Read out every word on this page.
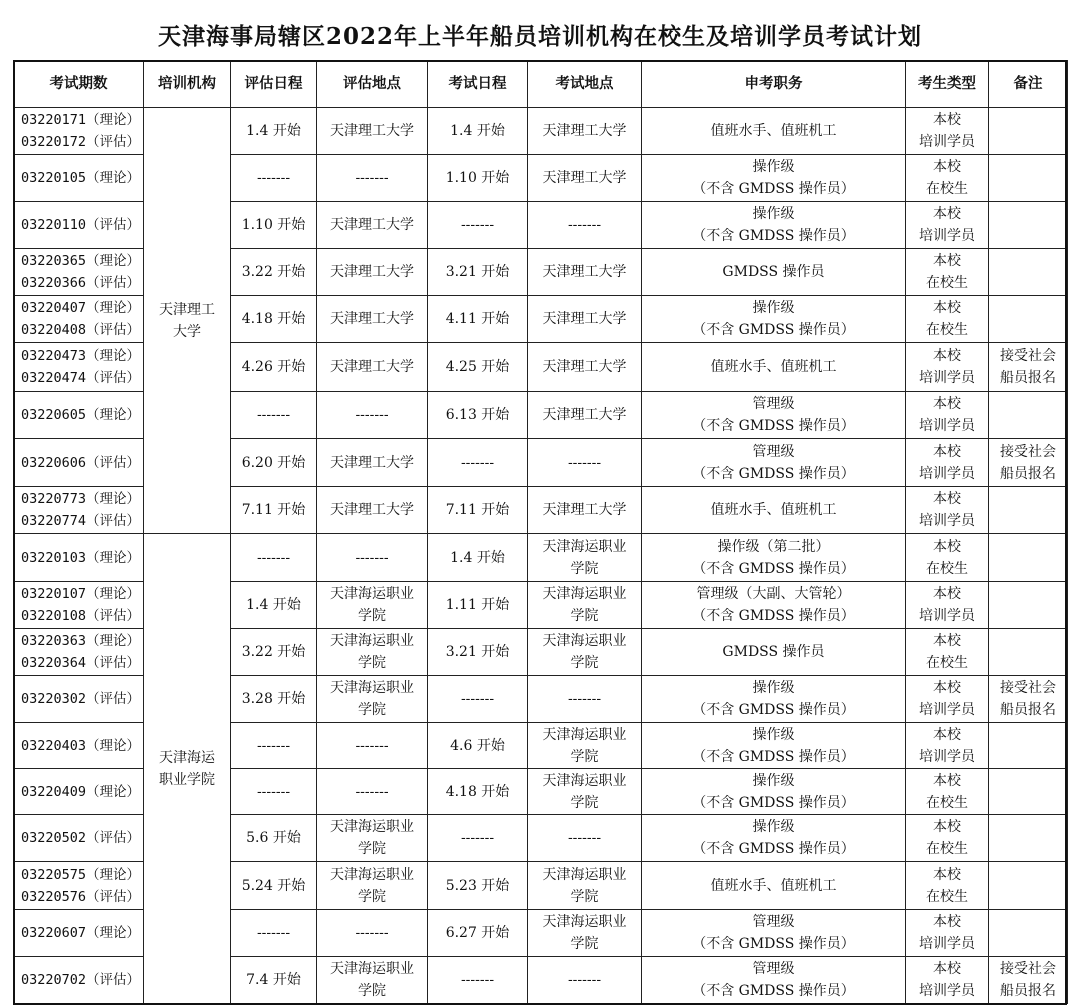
天津海事局辖区2022年上半年船员培训机构在校生及培训学员考试计划
考试期数	培训机构	评估日程	评估地点	考试日程	考试地点	申考职务	考生类型	备注

03220171（理论）
03220172（评估）	天津理工
大学	1.4 开始	天津理工大学	1.4 开始	天津理工大学	值班水手、值班机工	本校
培训学员	

03220105（理论）		-------	-------	1.10 开始	天津理工大学	操作级
（不含 GMDSS 操作员）	本校
在校生	

03220110（评估）		1.10 开始	天津理工大学	-------	-------	操作级
（不含 GMDSS 操作员）	本校
培训学员	

03220365（理论）
03220366（评估）		3.22 开始	天津理工大学	3.21 开始	天津理工大学	GMDSS 操作员	本校
在校生	

03220407（理论）
03220408（评估）		4.18 开始	天津理工大学	4.11 开始	天津理工大学	操作级
（不含 GMDSS 操作员）	本校
在校生	

03220473（理论）
03220474（评估）		4.26 开始	天津理工大学	4.25 开始	天津理工大学	值班水手、值班机工	本校
培训学员	接受社会
船员报名

03220605（理论）		-------	-------	6.13 开始	天津理工大学	管理级
（不含 GMDSS 操作员）	本校
培训学员	

03220606（评估）		6.20 开始	天津理工大学	-------	-------	管理级
（不含 GMDSS 操作员）	本校
培训学员	接受社会
船员报名

03220773（理论）
03220774（评估）		7.11 开始	天津理工大学	7.11 开始	天津理工大学	值班水手、值班机工	本校
培训学员	

03220103（理论）	天津海运
职业学院	-------	-------	1.4 开始	天津海运职业
学院	操作级（第二批）
（不含 GMDSS 操作员）	本校
在校生	

03220107（理论）
03220108（评估）		1.4 开始	天津海运职业
学院	1.11 开始	天津海运职业
学院	管理级（大副、大管轮）
（不含 GMDSS 操作员）	本校
培训学员	

03220363（理论）
03220364（评估）		3.22 开始	天津海运职业
学院	3.21 开始	天津海运职业
学院	GMDSS 操作员	本校
在校生	

03220302（评估）		3.28 开始	天津海运职业
学院	-------	-------	操作级
（不含 GMDSS 操作员）	本校
培训学员	接受社会
船员报名

03220403（理论）		-------	-------	4.6 开始	天津海运职业
学院	操作级
（不含 GMDSS 操作员）	本校
培训学员	

03220409（理论）		-------	-------	4.18 开始	天津海运职业
学院	操作级
（不含 GMDSS 操作员）	本校
在校生	

03220502（评估）		5.6 开始	天津海运职业
学院	-------	-------	操作级
（不含 GMDSS 操作员）	本校
在校生	

03220575（理论）
03220576（评估）		5.24 开始	天津海运职业
学院	5.23 开始	天津海运职业
学院	值班水手、值班机工	本校
在校生	

03220607（理论）		-------	-------	6.27 开始	天津海运职业
学院	管理级
（不含 GMDSS 操作员）	本校
培训学员	

03220702（评估）		7.4 开始	天津海运职业
学院	-------	-------	管理级
（不含 GMDSS 操作员）	本校
培训学员	接受社会
船员报名
